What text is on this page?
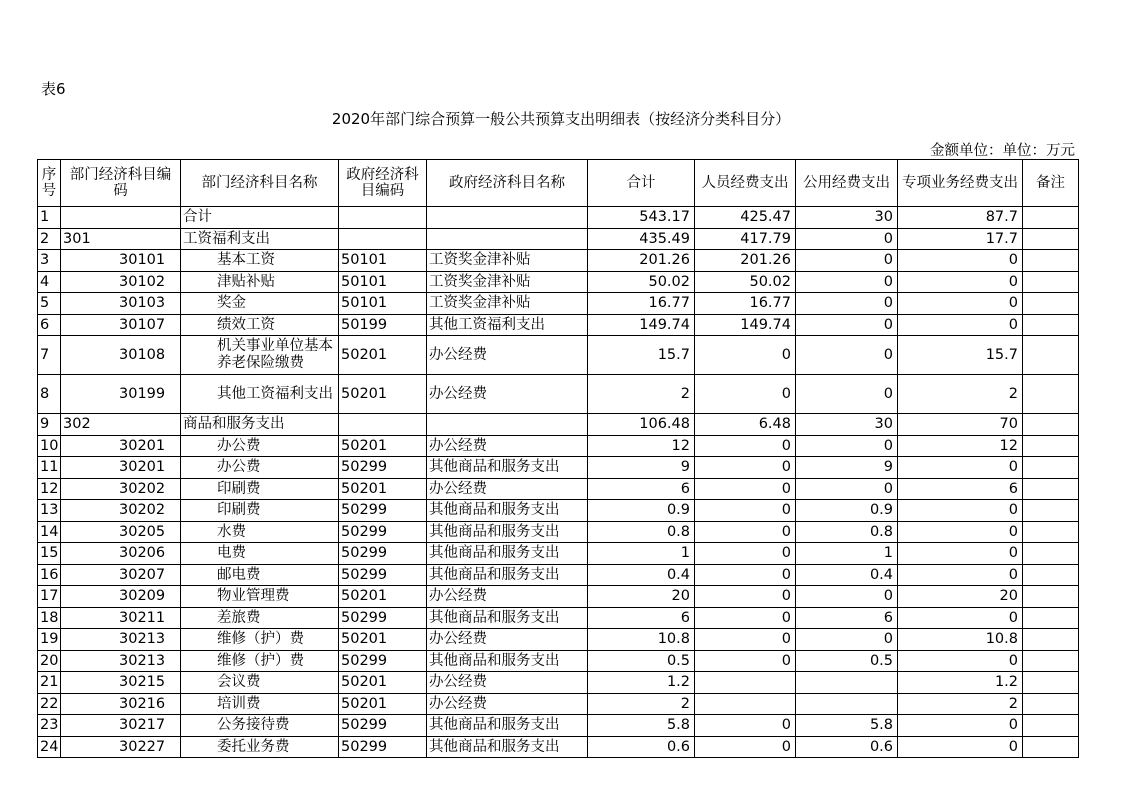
表6
2020年部门综合预算一般公共预算支出明细表（按经济分类科目分）
金额单位：单位：万元
序号	部门经济科目编码	部门经济科目名称	政府经济科目编码	政府经济科目名称	合计	人员经费支出	公用经费支出	专项业务经费支出	备注
1		合计			543.17	425.47	30	87.7	
2	301	工资福利支出			435.49	417.79	0	17.7	
3	30101	基本工资	50101	工资奖金津补贴	201.26	201.26	0	0	
4	30102	津贴补贴	50101	工资奖金津补贴	50.02	50.02	0	0	
5	30103	奖金	50101	工资奖金津补贴	16.77	16.77	0	0	
6	30107	绩效工资	50199	其他工资福利支出	149.74	149.74	0	0	
7	30108	机关事业单位基本养老保险缴费	50201	办公经费	15.7	0	0	15.7	
8	30199	其他工资福利支出	50201	办公经费	2	0	0	2	
9	302	商品和服务支出			106.48	6.48	30	70	
10	30201	办公费	50201	办公经费	12	0	0	12	
11	30201	办公费	50299	其他商品和服务支出	9	0	9	0	
12	30202	印刷费	50201	办公经费	6	0	0	6	
13	30202	印刷费	50299	其他商品和服务支出	0.9	0	0.9	0	
14	30205	水费	50299	其他商品和服务支出	0.8	0	0.8	0	
15	30206	电费	50299	其他商品和服务支出	1	0	1	0	
16	30207	邮电费	50299	其他商品和服务支出	0.4	0	0.4	0	
17	30209	物业管理费	50201	办公经费	20	0	0	20	
18	30211	差旅费	50299	其他商品和服务支出	6	0	6	0	
19	30213	维修（护）费	50201	办公经费	10.8	0	0	10.8	
20	30213	维修（护）费	50299	其他商品和服务支出	0.5	0	0.5	0	
21	30215	会议费	50201	办公经费	1.2			1.2	
22	30216	培训费	50201	办公经费	2			2	
23	30217	公务接待费	50299	其他商品和服务支出	5.8	0	5.8	0	
24	30227	委托业务费	50299	其他商品和服务支出	0.6	0	0.6	0	
